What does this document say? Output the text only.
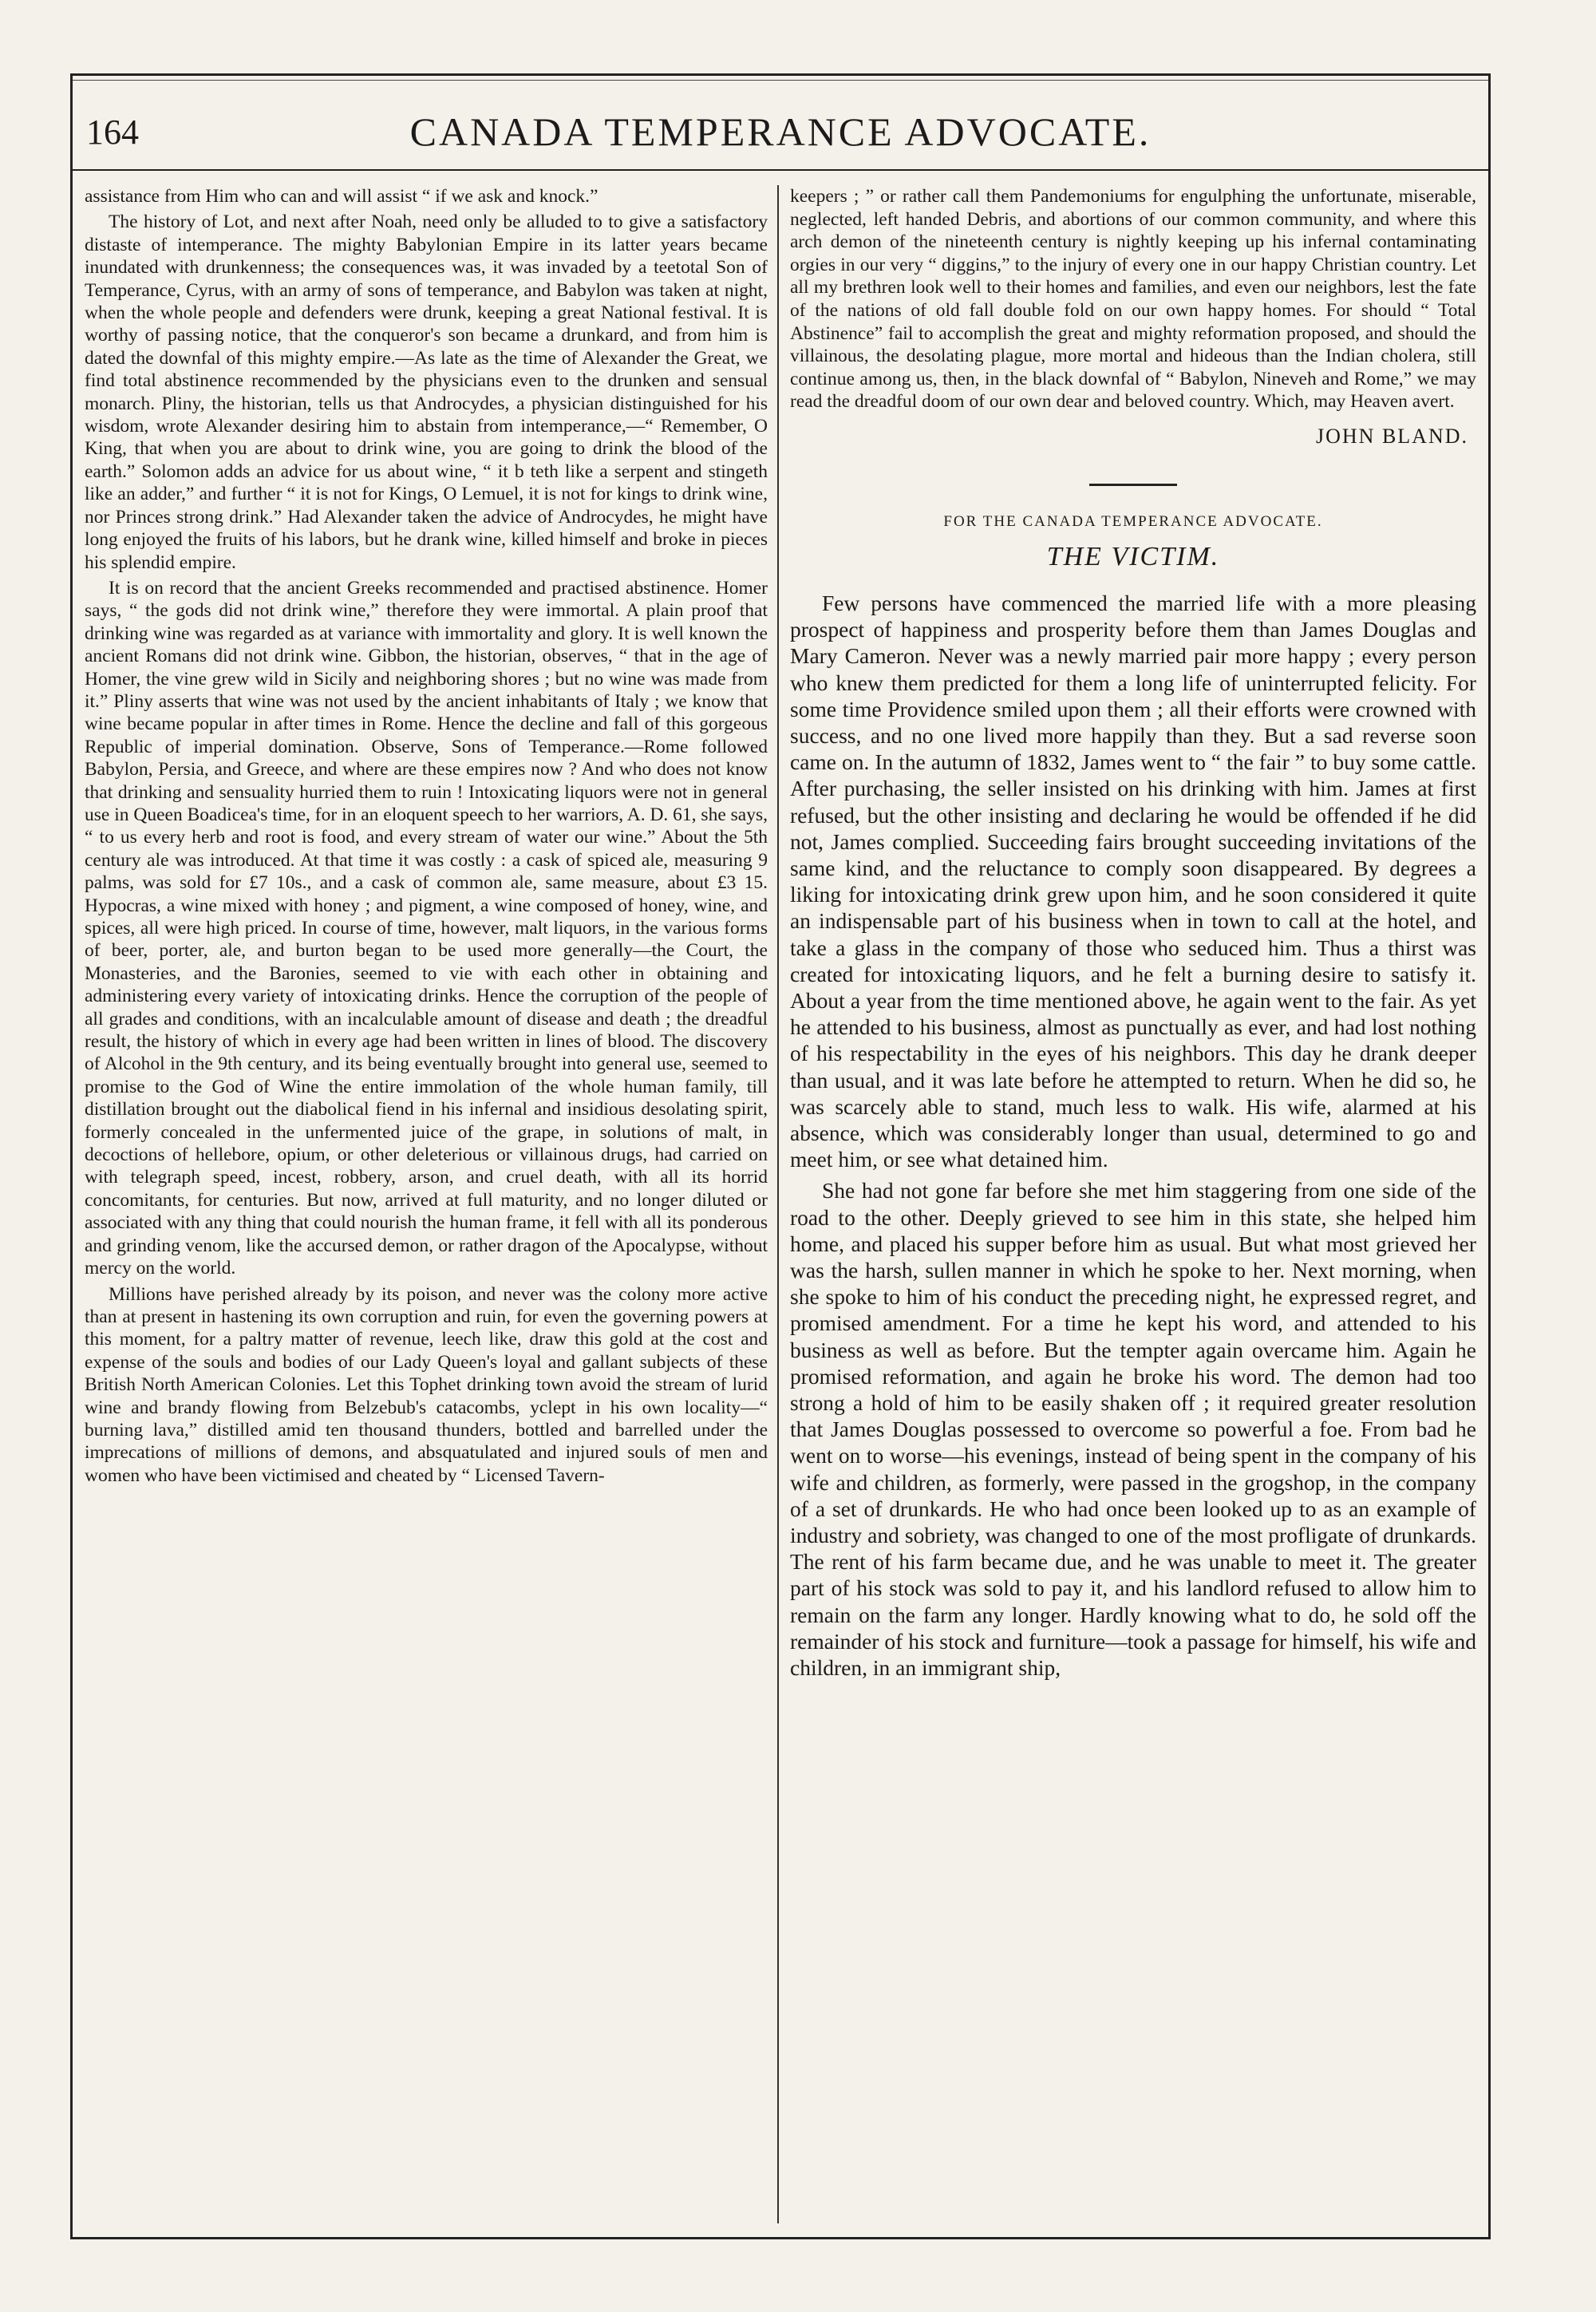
164	CANADA TEMPERANCE ADVOCATE.

assistance from Him who can and will assist “ if we ask and knock.”

The history of Lot, and next after Noah, need only be alluded to to give a satisfactory distaste of intemperance. The mighty Babylonian Empire in its latter years became inundated with drunkenness; the consequences was, it was invaded by a teetotal Son of Temperance, Cyrus, with an army of sons of temperance, and Babylon was taken at night, when the whole people and defenders were drunk, keeping a great National festival. It is worthy of passing notice, that the conqueror's son became a drunkard, and from him is dated the downfal of this mighty empire.—As late as the time of Alexander the Great, we find total abstinence recommended by the physicians even to the drunken and sensual monarch. Pliny, the historian, tells us that Androcydes, a physician distinguished for his wisdom, wrote Alexander desiring him to abstain from intemperance,—“ Remember, O King, that when you are about to drink wine, you are going to drink the blood of the earth.” Solomon adds an advice for us about wine, “ it b teth like a serpent and stingeth like an adder,” and further “ it is not for Kings, O Lemuel, it is not for kings to drink wine, nor Princes strong drink.” Had Alexander taken the advice of Androcydes, he might have long enjoyed the fruits of his labors, but he drank wine, killed himself and broke in pieces his splendid empire.

It is on record that the ancient Greeks recommended and practised abstinence. Homer says, “ the gods did not drink wine,” therefore they were immortal. A plain proof that drinking wine was regarded as at variance with immortality and glory. It is well known the ancient Romans did not drink wine. Gibbon, the historian, observes, “ that in the age of Homer, the vine grew wild in Sicily and neighboring shores ; but no wine was made from it.” Pliny asserts that wine was not used by the ancient inhabitants of Italy ; we know that wine became popular in after times in Rome. Hence the decline and fall of this gorgeous Republic of imperial domination. Observe, Sons of Temperance.—Rome followed Babylon, Persia, and Greece, and where are these empires now ? And who does not know that drinking and sensuality hurried them to ruin ! Intoxicating liquors were not in general use in Queen Boadicea's time, for in an eloquent speech to her warriors, A. D. 61, she says, “ to us every herb and root is food, and every stream of water our wine.” About the 5th century ale was introduced. At that time it was costly : a cask of spiced ale, measuring 9 palms, was sold for £7 10s., and a cask of common ale, same measure, about £3 15. Hypocras, a wine mixed with honey ; and pigment, a wine composed of honey, wine, and spices, all were high priced. In course of time, however, malt liquors, in the various forms of beer, porter, ale, and burton began to be used more generally—the Court, the Monasteries, and the Baronies, seemed to vie with each other in obtaining and administering every variety of intoxicating drinks. Hence the corruption of the people of all grades and conditions, with an incalculable amount of disease and death ; the dreadful result, the history of which in every age had been written in lines of blood. The discovery of Alcohol in the 9th century, and its being eventually brought into general use, seemed to promise to the God of Wine the entire immolation of the whole human family, till distillation brought out the diabolical fiend in his infernal and insidious desolating spirit, formerly concealed in the unfermented juice of the grape, in solutions of malt, in decoctions of hellebore, opium, or other deleterious or villainous drugs, had carried on with telegraph speed, incest, robbery, arson, and cruel death, with all its horrid concomitants, for centuries. But now, arrived at full maturity, and no longer diluted or associated with any thing that could nourish the human frame, it fell with all its ponderous and grinding venom, like the accursed demon, or rather dragon of the Apocalypse, without mercy on the world.

Millions have perished already by its poison, and never was the colony more active than at present in hastening its own corruption and ruin, for even the governing powers at this moment, for a paltry matter of revenue, leech like, draw this gold at the cost and expense of the souls and bodies of our Lady Queen's loyal and gallant subjects of these British North American Colonies. Let this Tophet drinking town avoid the stream of lurid wine and brandy flowing from Belzebub's catacombs, yclept in his own locality—“ burning lava,” distilled amid ten thousand thunders, bottled and barrelled under the imprecations of millions of demons, and absquatulated and injured souls of men and women who have been victimised and cheated by “ Licensed Tavern-

keepers ; ” or rather call them Pandemoniums for engulphing the unfortunate, miserable, neglected, left handed Debris, and abortions of our common community, and where this arch demon of the nineteenth century is nightly keeping up his infernal contaminating orgies in our very “ diggins,” to the injury of every one in our happy Christian country. Let all my brethren look well to their homes and families, and even our neighbors, lest the fate of the nations of old fall double fold on our own happy homes. For should “ Total Abstinence” fail to accomplish the great and mighty reformation proposed, and should the villainous, the desolating plague, more mortal and hideous than the Indian cholera, still continue among us, then, in the black downfal of “ Babylon, Nineveh and Rome,” we may read the dreadful doom of our own dear and beloved country. Which, may Heaven avert.

JOHN BLAND.

FOR THE CANADA TEMPERANCE ADVOCATE.

THE VICTIM.

Few persons have commenced the married life with a more pleasing prospect of happiness and prosperity before them than James Douglas and Mary Cameron. Never was a newly married pair more happy ; every person who knew them predicted for them a long life of uninterrupted felicity. For some time Providence smiled upon them ; all their efforts were crowned with success, and no one lived more happily than they. But a sad reverse soon came on. In the autumn of 1832, James went to “ the fair ” to buy some cattle. After purchasing, the seller insisted on his drinking with him. James at first refused, but the other insisting and declaring he would be offended if he did not, James complied. Succeeding fairs brought succeeding invitations of the same kind, and the reluctance to comply soon disappeared. By degrees a liking for intoxicating drink grew upon him, and he soon considered it quite an indispensable part of his business when in town to call at the hotel, and take a glass in the company of those who seduced him. Thus a thirst was created for intoxicating liquors, and he felt a burning desire to satisfy it. About a year from the time mentioned above, he again went to the fair. As yet he attended to his business, almost as punctually as ever, and had lost nothing of his respectability in the eyes of his neighbors. This day he drank deeper than usual, and it was late before he attempted to return. When he did so, he was scarcely able to stand, much less to walk. His wife, alarmed at his absence, which was considerably longer than usual, determined to go and meet him, or see what detained him.

She had not gone far before she met him staggering from one side of the road to the other. Deeply grieved to see him in this state, she helped him home, and placed his supper before him as usual. But what most grieved her was the harsh, sullen manner in which he spoke to her. Next morning, when she spoke to him of his conduct the preceding night, he expressed regret, and promised amendment. For a time he kept his word, and attended to his business as well as before. But the tempter again overcame him. Again he promised reformation, and again he broke his word. The demon had too strong a hold of him to be easily shaken off ; it required greater resolution that James Douglas possessed to overcome so powerful a foe. From bad he went on to worse—his evenings, instead of being spent in the company of his wife and children, as formerly, were passed in the grogshop, in the company of a set of drunkards. He who had once been looked up to as an example of industry and sobriety, was changed to one of the most profligate of drunkards. The rent of his farm became due, and he was unable to meet it. The greater part of his stock was sold to pay it, and his landlord refused to allow him to remain on the farm any longer. Hardly knowing what to do, he sold off the remainder of his stock and furniture—took a passage for himself, his wife and children, in an immigrant ship,
